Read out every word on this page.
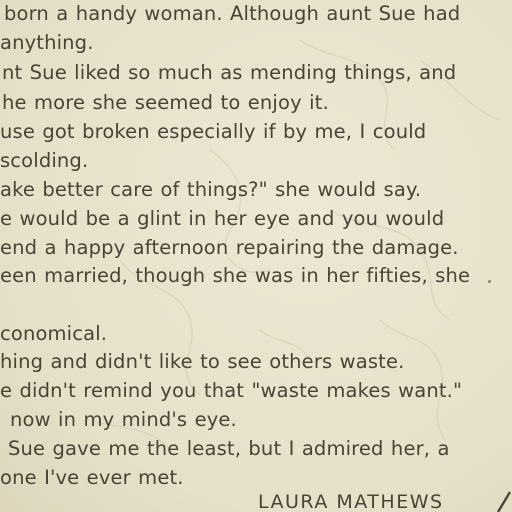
born a handy woman. Although aunt Sue had
anything.
nt Sue liked so much as mending things, and
he more she seemed to enjoy it.
use got broken especially if by me, I could
scolding.
ake better care of things?" she would say.
e would be a glint in her eye and you would
end a happy afternoon repairing the damage.
een married, though she was in her fifties, she
conomical.
hing and didn't like to see others waste.
e didn't remind you that "waste makes want."
now in my mind's eye.
Sue gave me the least, but I admired her, a
one I've ever met.
LAURA MATHEWS
